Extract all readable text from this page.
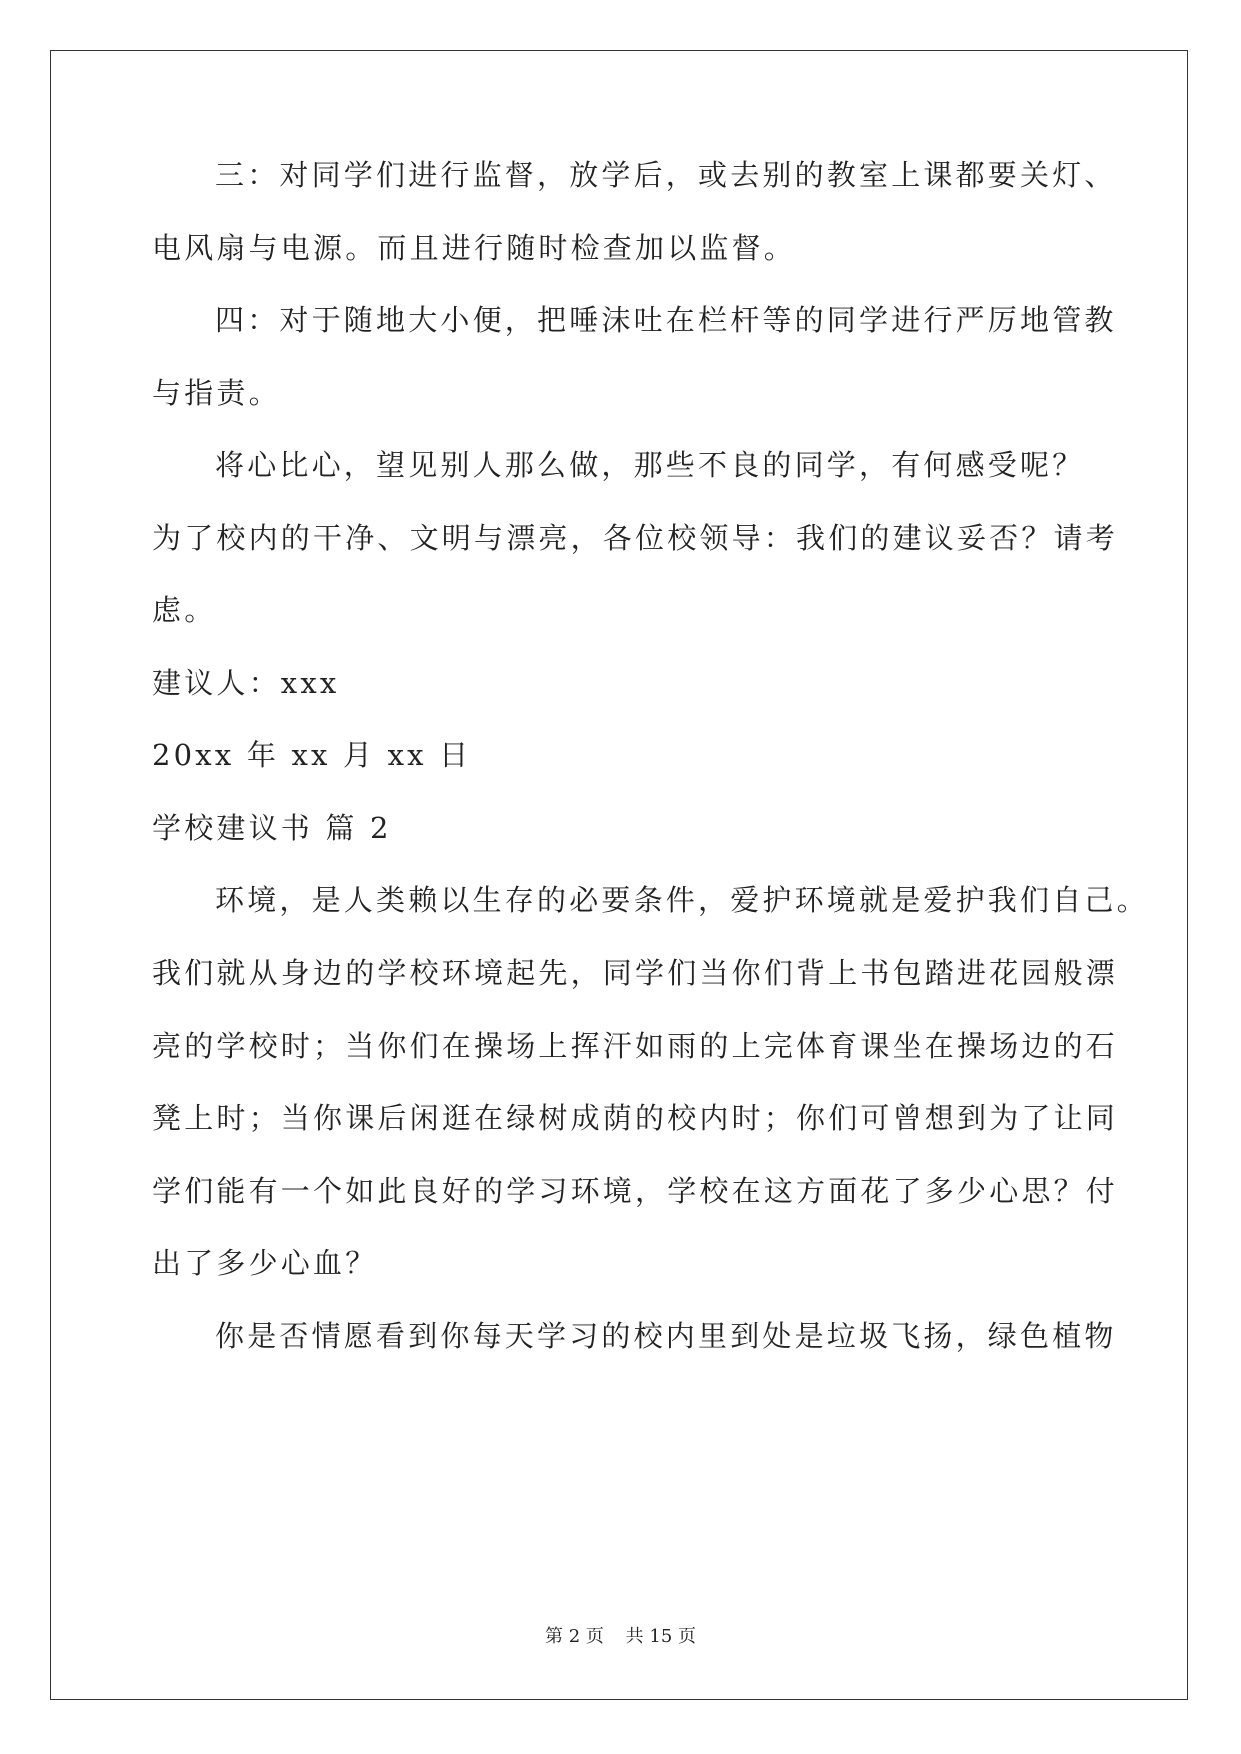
三：对同学们进行监督，放学后，或去别的教室上课都要关灯、
电风扇与电源。而且进行随时检查加以监督。
四：对于随地大小便，把唾沫吐在栏杆等的同学进行严厉地管教
与指责。
将心比心，望见别人那么做，那些不良的同学，有何感受呢？
为了校内的干净、文明与漂亮，各位校领导：我们的建议妥否？请考
虑。
建议人：xxx
20xx 年 xx 月 xx 日
学校建议书 篇 2
环境，是人类赖以生存的必要条件，爱护环境就是爱护我们自己。
我们就从身边的学校环境起先，同学们当你们背上书包踏进花园般漂
亮的学校时；当你们在操场上挥汗如雨的上完体育课坐在操场边的石
凳上时；当你课后闲逛在绿树成荫的校内时；你们可曾想到为了让同
学们能有一个如此良好的学习环境，学校在这方面花了多少心思？付
出了多少心血？
你是否情愿看到你每天学习的校内里到处是垃圾飞扬，绿色植物
第 2 页 共 15 页
